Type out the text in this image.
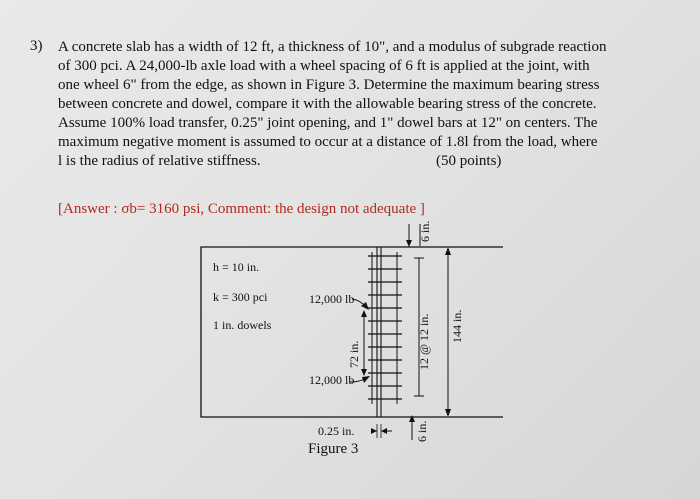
3) A concrete slab has a width of 12 ft, a thickness of 10", and a modulus of subgrade reaction
of 300 pci. A 24,000-lb axle load with a wheel spacing of 6 ft is applied at the joint, with
one wheel 6" from the edge, as shown in Figure 3. Determine the maximum bearing stress
between concrete and dowel, compare it with the allowable bearing stress of the concrete.
Assume 100% load transfer, 0.25" joint opening, and 1" dowel bars at 12" on centers. The
maximum negative moment is assumed to occur at a distance of 1.8l from the load, where
l is the radius of relative stiffness.	(50 points)
[Answer : σb= 3160 psi, Comment: the design not adequate ]
h = 10 in.
k = 300 pci
1 in. dowels
12,000 lb
12,000 lb
72 in.	12 @ 12 in. 144 in.
6 in.
6 in.
0.25 in.
Figure 3
